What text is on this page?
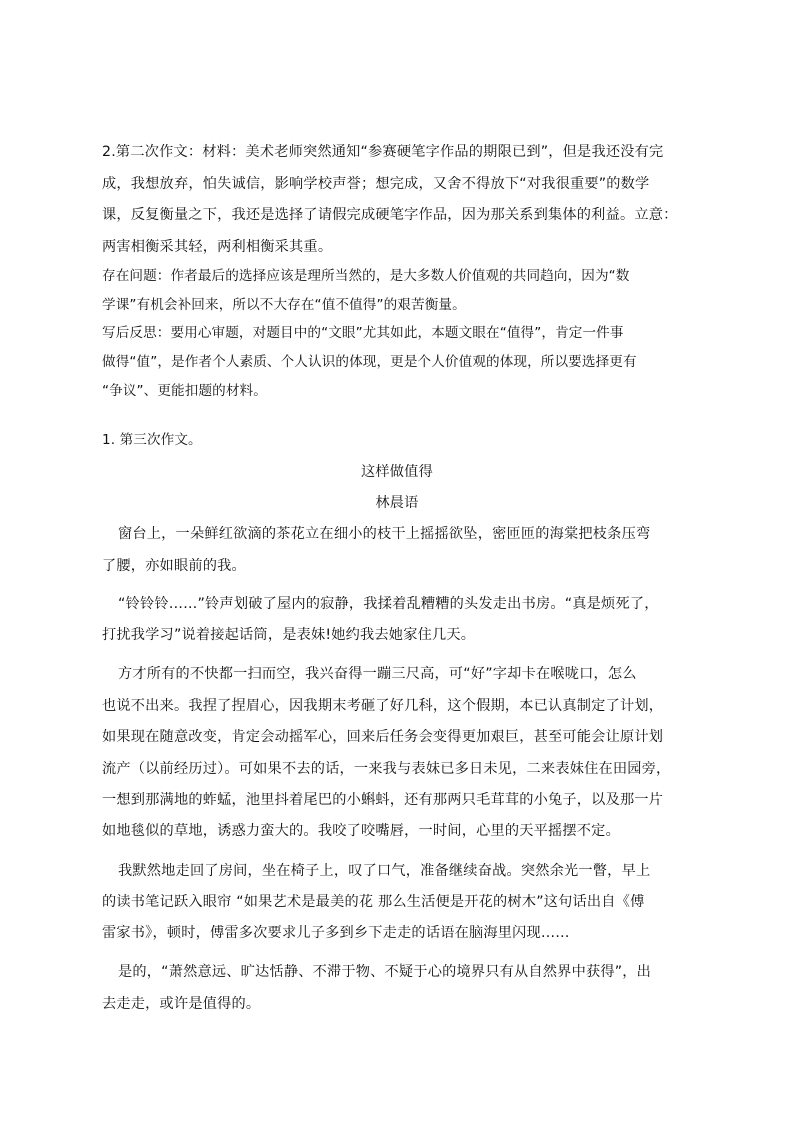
2.第二次作文：材料：美术老师突然通知“参赛硬笔字作品的期限已到”，但是我还没有完
成，我想放弃，怕失诚信，影响学校声誉；想完成，又舍不得放下“对我很重要”的数学
课，反复衡量之下，我还是选择了请假完成硬笔字作品，因为那关系到集体的利益。立意：
两害相衡采其轻，两利相衡采其重。
存在问题：作者最后的选择应该是理所当然的，是大多数人价值观的共同趋向，因为“数
学课”有机会补回来，所以不大存在“值不值得”的艰苦衡量。
写后反思：要用心审题，对题目中的“文眼”尤其如此，本题文眼在“值得”，肯定一件事
做得“值”，是作者个人素质、个人认识的体现，更是个人价值观的体现，所以要选择更有
“争议”、更能扣题的材料。
1. 第三次作文。
这样做值得
林晨语
窗台上，一朵鲜红欲滴的茶花立在细小的枝干上摇摇欲坠，密匝匝的海棠把枝条压弯
了腰，亦如眼前的我。
“铃铃铃……”铃声划破了屋内的寂静，我揉着乱糟糟的头发走出书房。“真是烦死了，
打扰我学习”说着接起话筒，是表妹!她约我去她家住几天。
方才所有的不快都一扫而空，我兴奋得一蹦三尺高，可“好”字却卡在喉咙口，怎么
也说不出来。我捏了捏眉心，因我期末考砸了好几科，这个假期，本已认真制定了计划，
如果现在随意改变，肯定会动摇军心，回来后任务会变得更加艰巨，甚至可能会让原计划
流产（以前经历过）。可如果不去的话，一来我与表妹已多日未见，二来表妹住在田园旁，
一想到那满地的蚱蜢，池里抖着尾巴的小蝌蚪，还有那两只毛茸茸的小兔子，以及那一片
如地毯似的草地，诱惑力蛮大的。我咬了咬嘴唇，一时间，心里的天平摇摆不定。
我默然地走回了房间，坐在椅子上，叹了口气，准备继续奋战。突然余光一瞥，早上
的读书笔记跃入眼帘 “如果艺术是最美的花 那么生活便是开花的树木”这句话出自《傅
雷家书》，顿时，傅雷多次要求儿子多到乡下走走的话语在脑海里闪现……
是的，“萧然意远、旷达恬静、不滞于物、不疑于心的境界只有从自然界中获得”，出
去走走，或许是值得的。
